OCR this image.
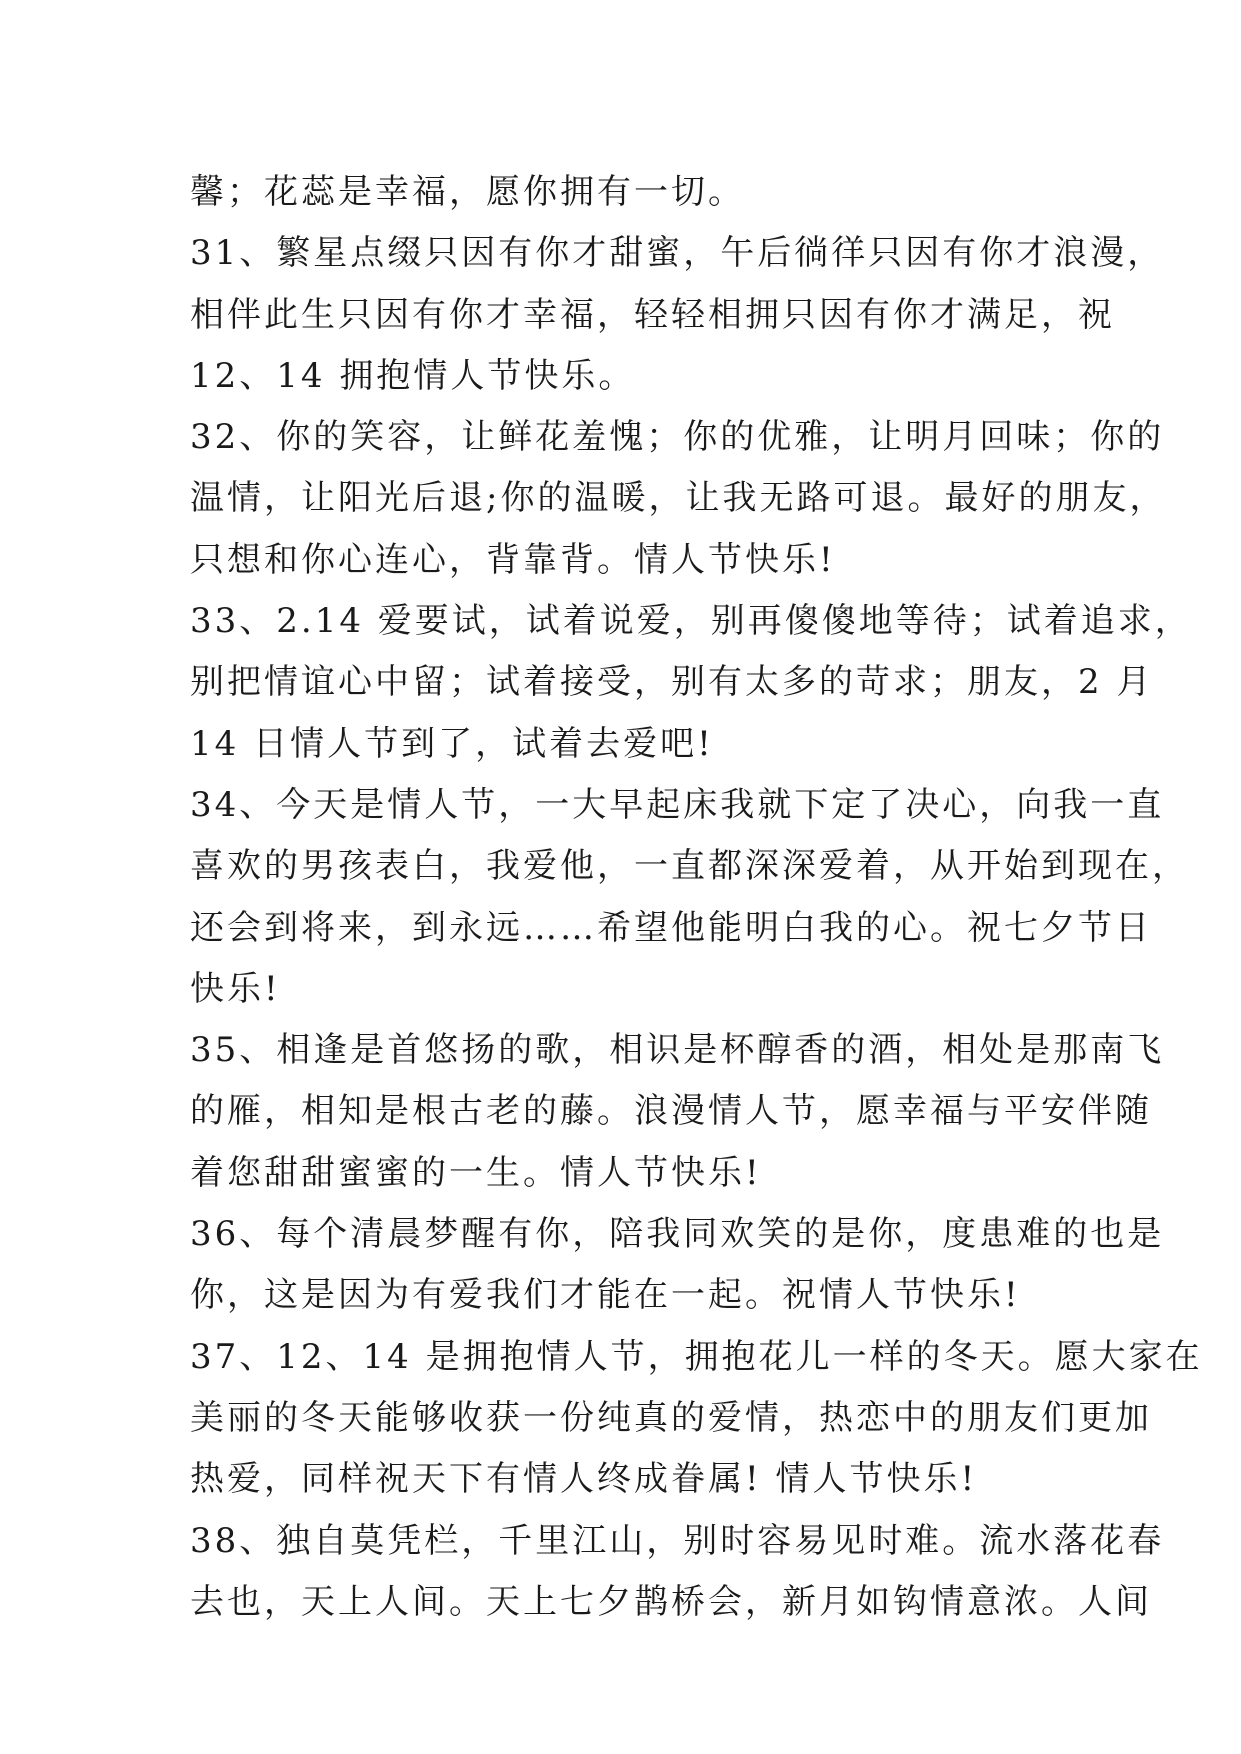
馨；花蕊是幸福，愿你拥有一切。
31、繁星点缀只因有你才甜蜜，午后徜徉只因有你才浪漫，
相伴此生只因有你才幸福，轻轻相拥只因有你才满足，祝
12、14 拥抱情人节快乐。
32、你的笑容，让鲜花羞愧；你的优雅，让明月回味；你的
温情，让阳光后退;你的温暖，让我无路可退。最好的朋友，
只想和你心连心，背靠背。情人节快乐!
33、2.14 爱要试，试着说爱，别再傻傻地等待；试着追求，
别把情谊心中留；试着接受，别有太多的苛求；朋友，2 月
14 日情人节到了，试着去爱吧!
34、今天是情人节，一大早起床我就下定了决心，向我一直
喜欢的男孩表白，我爱他，一直都深深爱着，从开始到现在，
还会到将来，到永远……希望他能明白我的心。祝七夕节日
快乐!
35、相逢是首悠扬的歌，相识是杯醇香的酒，相处是那南飞
的雁，相知是根古老的藤。浪漫情人节，愿幸福与平安伴随
着您甜甜蜜蜜的一生。情人节快乐!
36、每个清晨梦醒有你，陪我同欢笑的是你，度患难的也是
你，这是因为有爱我们才能在一起。祝情人节快乐!
37、12、14 是拥抱情人节，拥抱花儿一样的冬天。愿大家在
美丽的冬天能够收获一份纯真的爱情，热恋中的朋友们更加
热爱，同样祝天下有情人终成眷属! 情人节快乐!
38、独自莫凭栏，千里江山，别时容易见时难。流水落花春
去也，天上人间。天上七夕鹊桥会，新月如钩情意浓。人间
